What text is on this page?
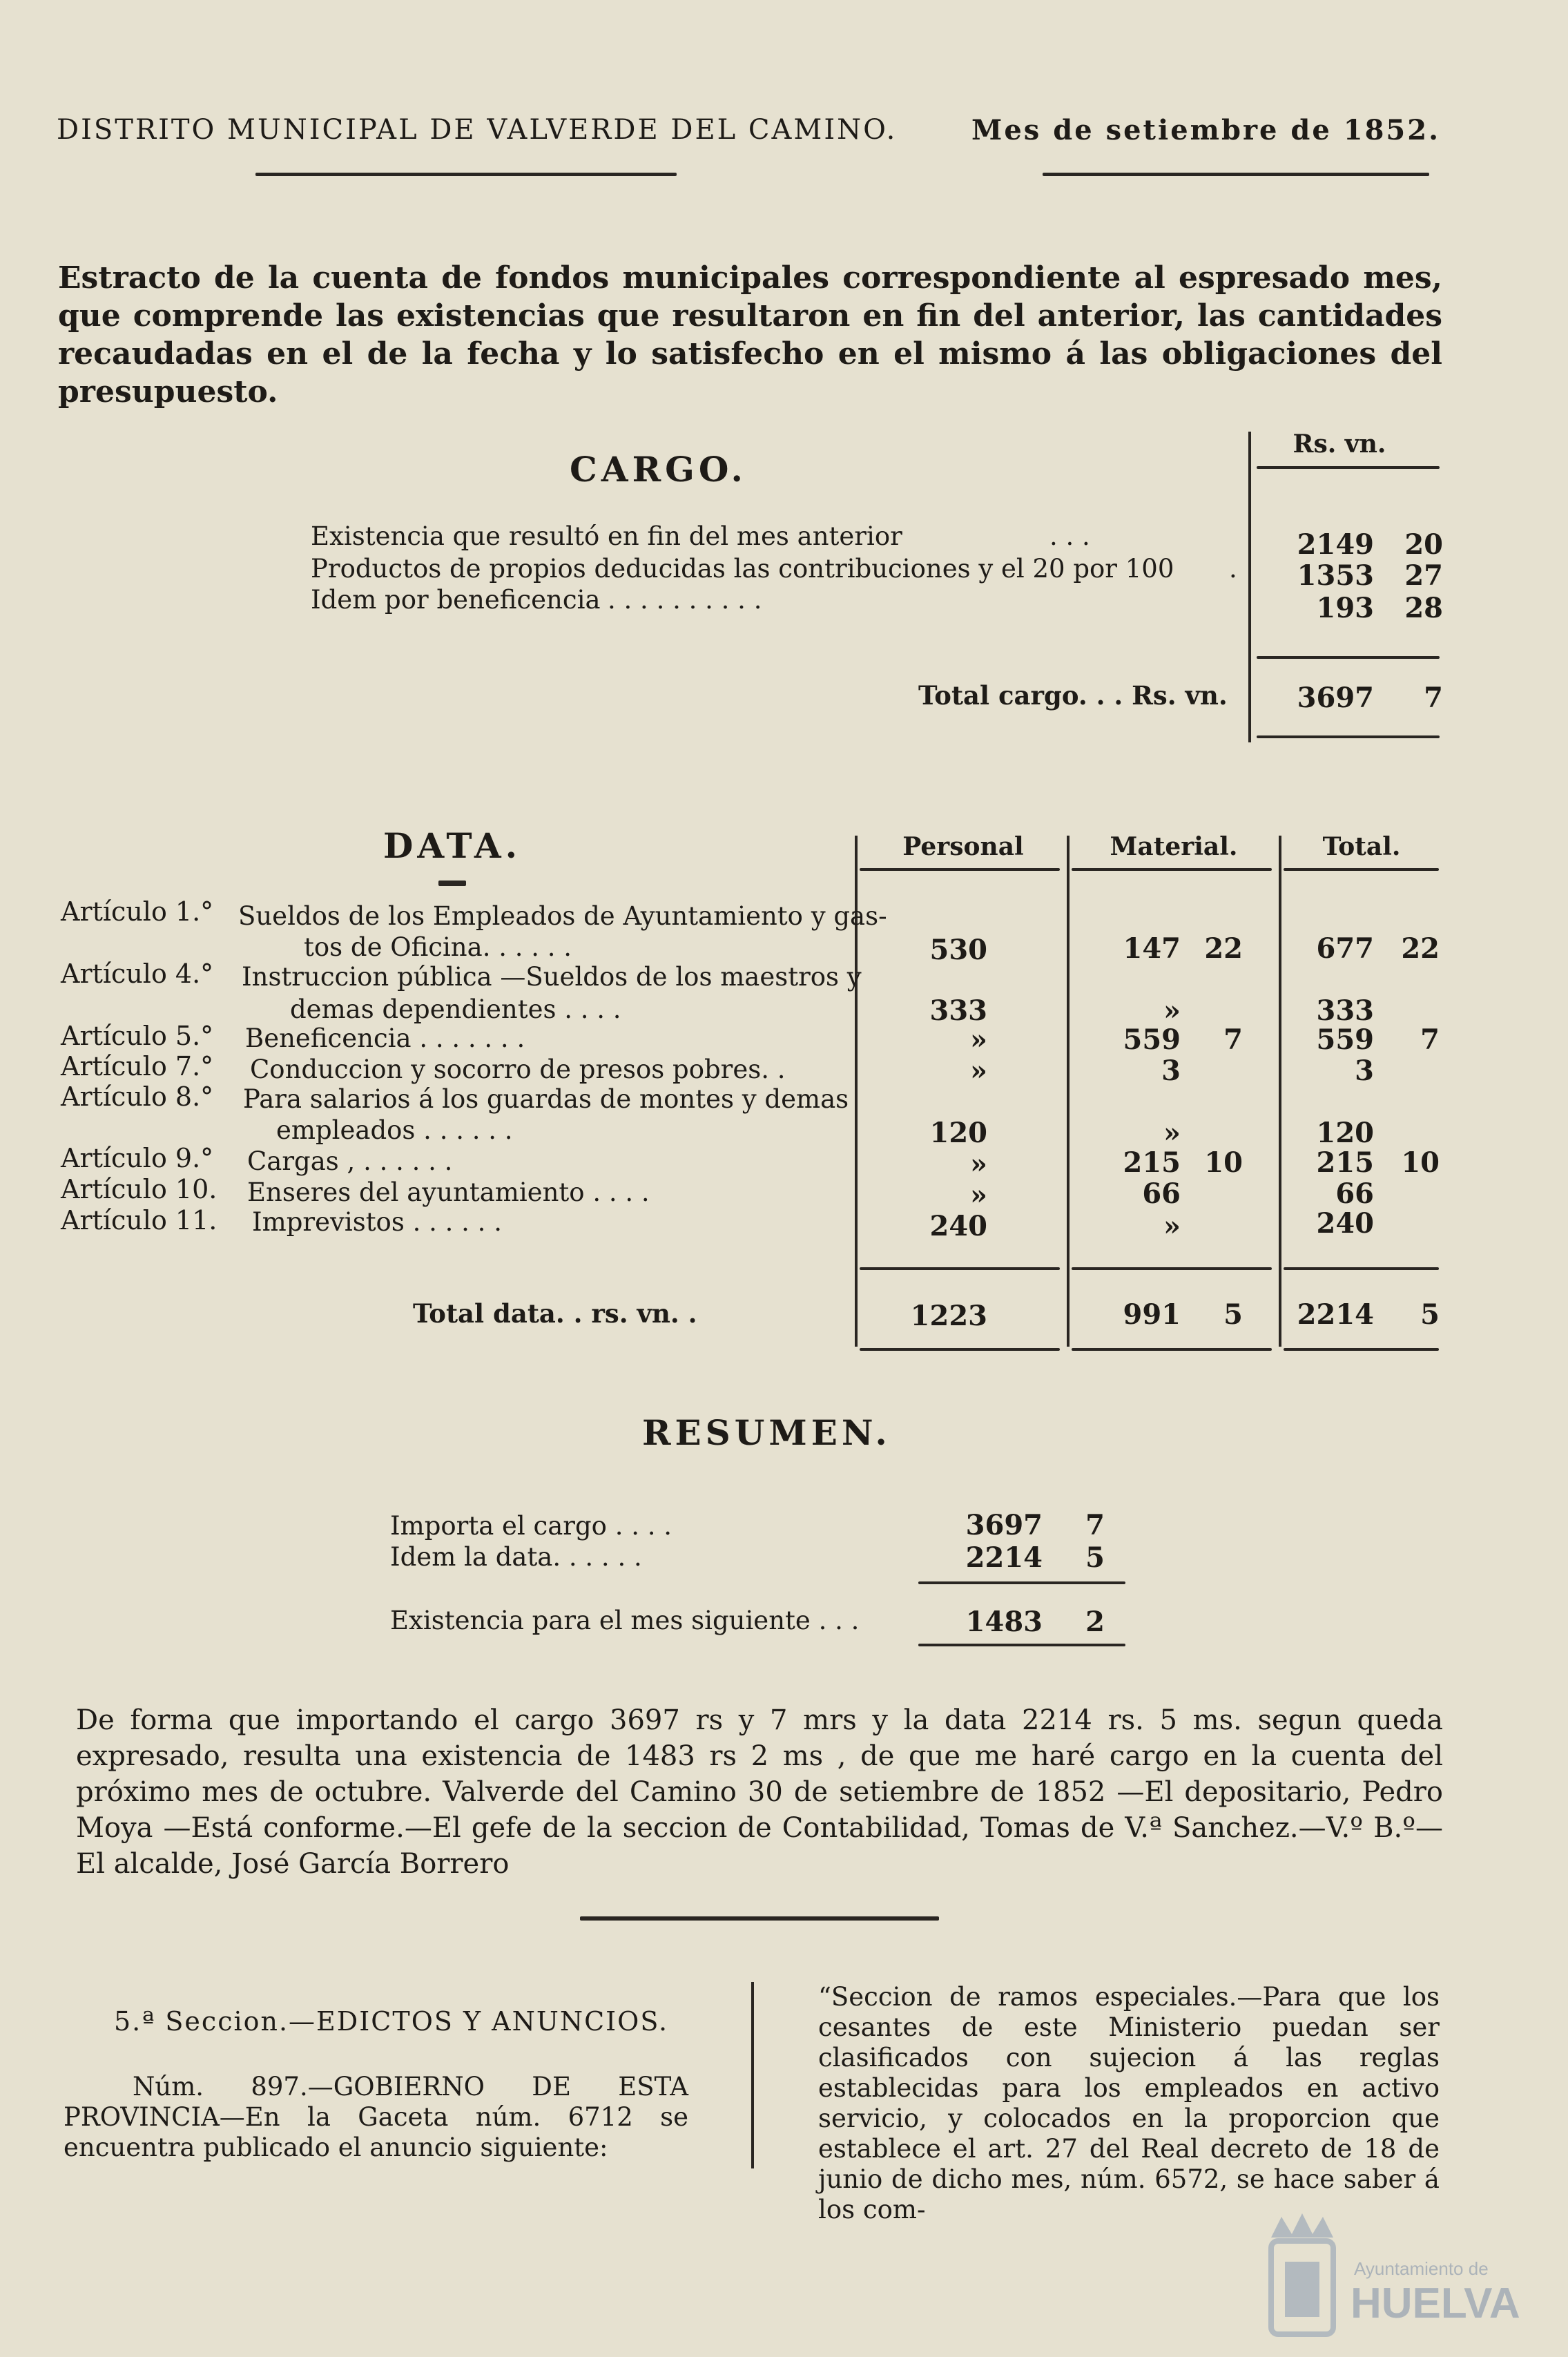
DISTRITO MUNICIPAL DE VALVERDE DEL CAMINO.	Mes de setiembre de 1852.
Estracto de la cuenta de fondos municipales correspondiente al espresado mes, que comprende las existencias que resultaron en fin del anterior, las cantidades recaudadas en el de la fecha y lo satisfecho en el mismo á las obligaciones del presupuesto.
CARGO.
Rs. vn.
Existencia que resultó en fin del mes anterior	. . .	2149	20
Productos de propios deducidas las contribuciones y el 20 por 100 .	1353	27
Idem por beneficencia . . . . . . . . . .	193	28
Total cargo. . . Rs. vn.	3697	7
DATA.	Personal	Material.	Total.
Artículo 1.° Sueldos de los Empleados de Ayuntamiento y gas-
tos de Oficina. . . . . .	530	147 22	677 22
Artículo 4.° Instruccion pública —Sueldos de los maestros y
demas dependientes . . . .	333	»	333
Artículo 5.° Beneficencia . . . . . . .	»	559	7	559	7
Artículo 7.° Conduccion y socorro de presos pobres. .	»	3	3
Artículo 8.° Para salarios á los guardas de montes y demas
empleados . . . . . .	120	»	120
Artículo 9.° Cargas , . . . . . .	»	215 10	215 10
Artículo 10. Enseres del ayuntamiento . . . .	»	66	66
Artículo 11. Imprevistos . . . . . .	240	»	240
Total data. . rs. vn. .	1223	991	5	2214	5
RESUMEN.
Importa el cargo . . . .	3697	7
Idem la data. . . . . .	2214	5
Existencia para el mes siguiente . . .	1483	2
De forma que importando el cargo 3697 rs y 7 mrs y la data 2214 rs. 5 ms. segun queda expresado, resulta una existencia de 1483 rs 2 ms , de que me haré cargo en la cuenta del próximo mes de octubre. Valverde del Camino 30 de setiembre de 1852 —El depositario, Pedro Moya —Está conforme.—El gefe de la seccion de Contabilidad, Tomas de V.ª Sanchez.—V.º B.º—El alcalde, José García Borrero
5.ª Seccion.—EDICTOS Y ANUNCIOS.
Núm. 897.—GOBIERNO DE ESTA PROVINCIA—En la Gaceta núm. 6712 se encuentra publicado el anuncio siguiente:
“Seccion de ramos especiales.—Para que los cesantes de este Ministerio puedan ser clasificados con sujecion á las reglas establecidas para los empleados en activo servicio, y colocados en la proporcion que establece el art. 27 del Real decreto de 18 de junio de dicho mes, núm. 6572, se hace saber á los com-
Ayuntamiento de
HUELVA
